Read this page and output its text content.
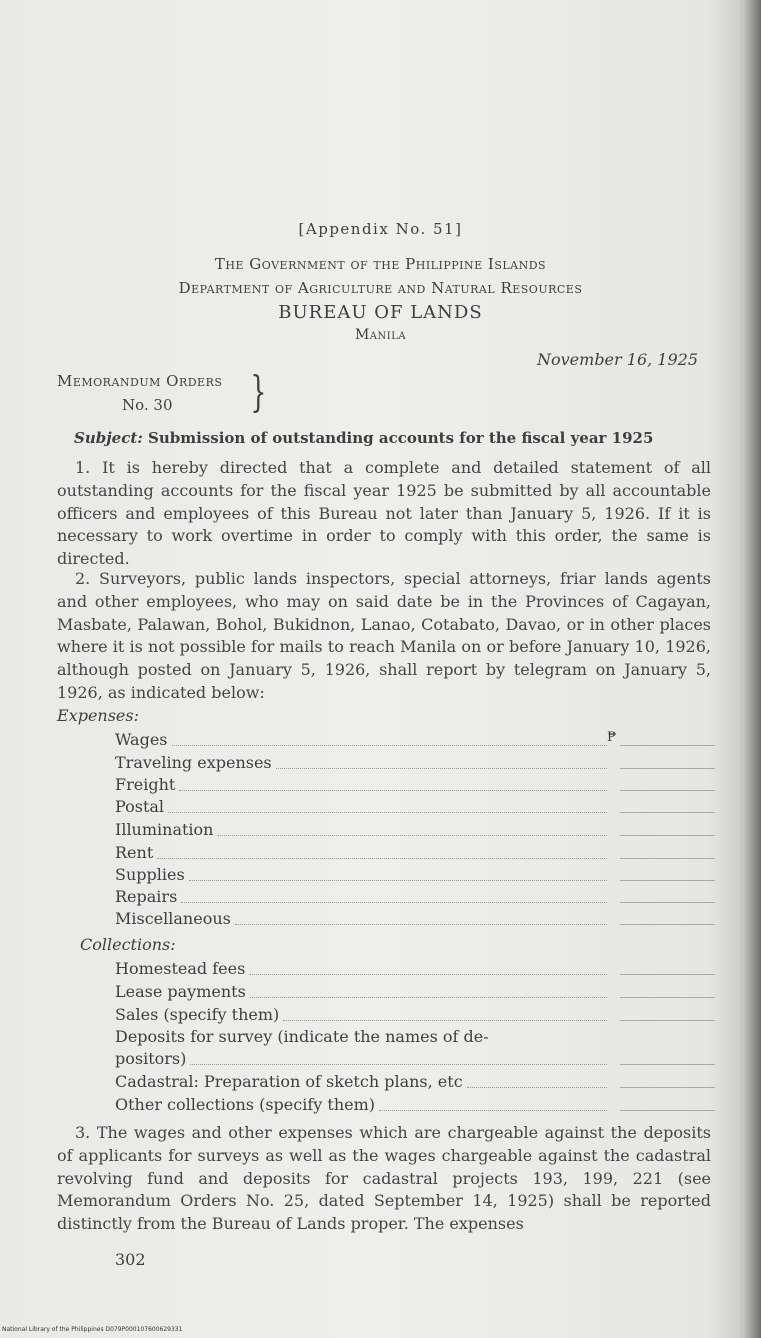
[Appendix No. 51]
The Government of the Philippine Islands
Department of Agriculture and Natural Resources
BUREAU OF LANDS
Manila
November 16, 1925
Memorandum Orders
No. 30 }
Subject: Submission of outstanding accounts for the fiscal year 1925
1. It is hereby directed that a complete and detailed statement of all outstanding accounts for the fiscal year 1925 be submitted by all accountable officers and employees of this Bureau not later than January 5, 1926. If it is necessary to work overtime in order to comply with this order, the same is directed.
2. Surveyors, public lands inspectors, special attorneys, friar lands agents and other employees, who may on said date be in the Provinces of Cagayan, Masbate, Palawan, Bohol, Bukidnon, Lanao, Cotabato, Davao, or in other places where it is not possible for mails to reach Manila on or before January 10, 1926, although posted on January 5, 1926, shall report by telegram on January 5, 1926, as indicated below:
Expenses:
Wages	₱
Traveling expenses
Freight
Postal
Illumination
Rent
Supplies
Repairs
Miscellaneous
Collections:
Homestead fees
Lease payments
Sales (specify them)
Deposits for survey (indicate the names of de-
positors)
Cadastral: Preparation of sketch plans, etc
Other collections (specify them)
3. The wages and other expenses which are chargeable against the deposits of applicants for surveys as well as the wages chargeable against the cadastral revolving fund and deposits for cadastral projects 193, 199, 221 (see Memorandum Orders No. 25, dated September 14, 1925) shall be reported distinctly from the Bureau of Lands proper. The expenses
302
National Library of the Philippines D079P000107600629331
